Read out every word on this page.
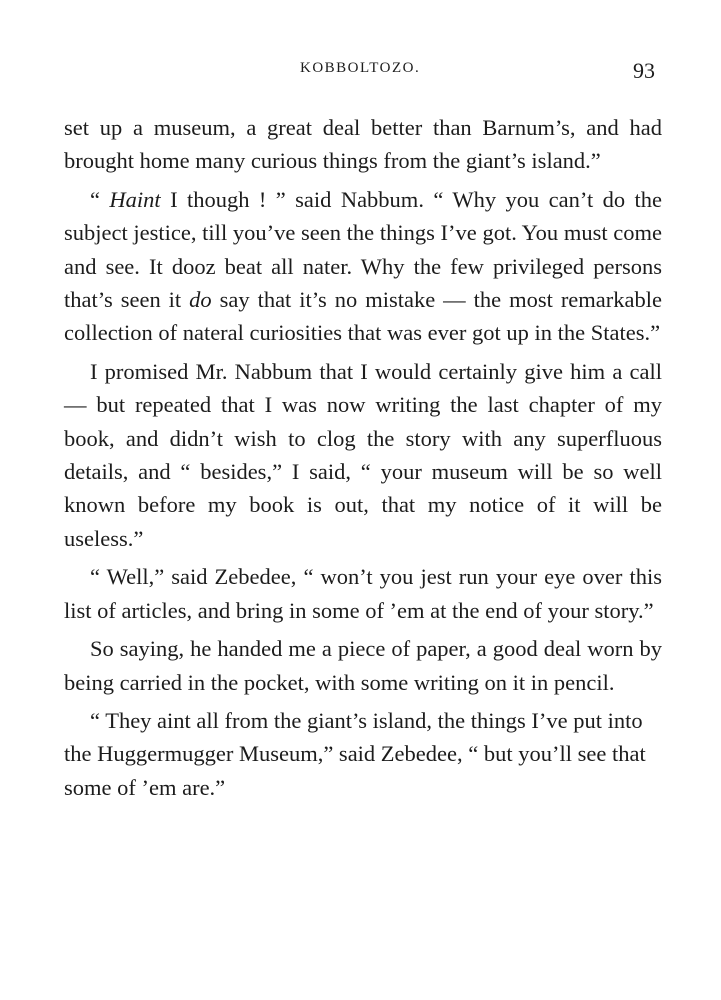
KOBBOLTOZO.	93

set up a museum, a great deal better than Barnum’s, and had brought home many curious things from the giant’s island.”

“ Haint I though ! ” said Nabbum. “ Why you can’t do the subject jestice, till you’ve seen the things I’ve got. You must come and see. It dooz beat all nater. Why the few privileged persons that’s seen it do say that it’s no mistake — the most remarkable collection of nateral curiosities that was ever got up in the States.”

I promised Mr. Nabbum that I would certainly give him a call — but repeated that I was now writing the last chapter of my book, and didn’t wish to clog the story with any superfluous details, and “ besides,” I said, “ your museum will be so well known before my book is out, that my notice of it will be useless.”

“ Well,” said Zebedee, “ won’t you jest run your eye over this list of articles, and bring in some of ’em at the end of your story.”

So saying, he handed me a piece of paper, a good deal worn by being carried in the pocket, with some writing on it in pencil.

“ They aint all from the giant’s island, the things I’ve put into the Huggermugger Museum,” said Zebedee, “ but you’ll see that some of ’em are.”
